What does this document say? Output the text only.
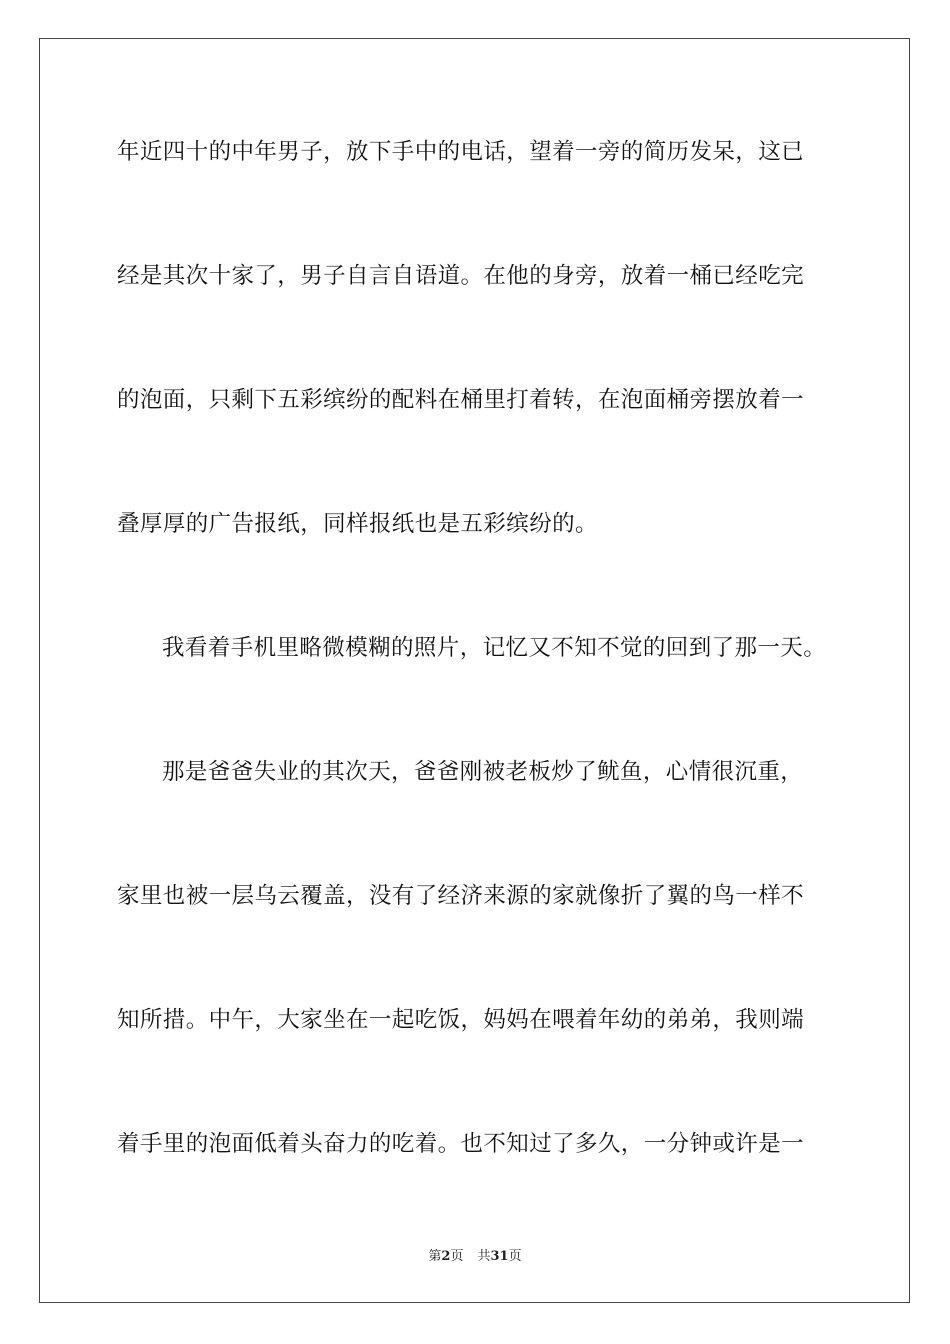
年近四十的中年男子，放下手中的电话，望着一旁的简历发呆，这已
经是其次十家了，男子自言自语道。在他的身旁，放着一桶已经吃完
的泡面，只剩下五彩缤纷的配料在桶里打着转，在泡面桶旁摆放着一
叠厚厚的广告报纸，同样报纸也是五彩缤纷的。
我看着手机里略微模糊的照片，记忆又不知不觉的回到了那一天。
那是爸爸失业的其次天，爸爸刚被老板炒了鱿鱼，心情很沉重，
家里也被一层乌云覆盖，没有了经济来源的家就像折了翼的鸟一样不
知所措。中午，大家坐在一起吃饭，妈妈在喂着年幼的弟弟，我则端
着手里的泡面低着头奋力的吃着。也不知过了多久，一分钟或许是一
第2页 共31页
